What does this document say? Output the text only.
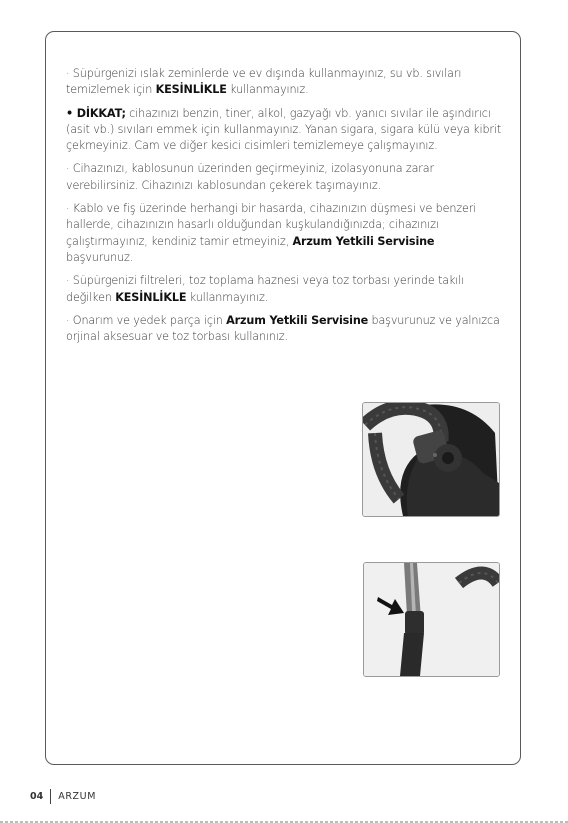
· Süpürgenizi ıslak zeminlerde ve ev dışında kullanmayınız, su vb. sıvıları temizlemek için KESİNLİKLE kullanmayınız.

• DİKKAT; cihazınızı benzin, tiner, alkol, gazyağı vb. yanıcı sıvılar ile aşındırıcı (asit vb.) sıvıları emmek için kullanmayınız. Yanan sigara, sigara külü veya kibrit çekmeyiniz. Cam ve diğer kesici cisimleri temizlemeye çalışmayınız.

· Cihazınızı, kablosunun üzerinden geçirmeyiniz, izolasyonuna zarar verebilirsiniz. Cihazınızı kablosundan çekerek taşımayınız.

· Kablo ve fiş üzerinde herhangi bir hasarda, cihazınızın düşmesi ve benzeri hallerde, cihazınızın hasarlı olduğundan kuşkulandığınızda; cihazınızı çalıştırmayınız, kendiniz tamir etmeyiniz, Arzum Yetkili Servisine başvurunuz.

· Süpürgenizi filtreleri, toz toplama haznesi veya toz torbası yerinde takılı değilken KESİNLİKLE kullanmayınız.

· Onarım ve yedek parça için Arzum Yetkili Servisine başvurunuz ve yalnızca orjinal aksesuar ve toz torbası kullanınız.

04 ARZUM
